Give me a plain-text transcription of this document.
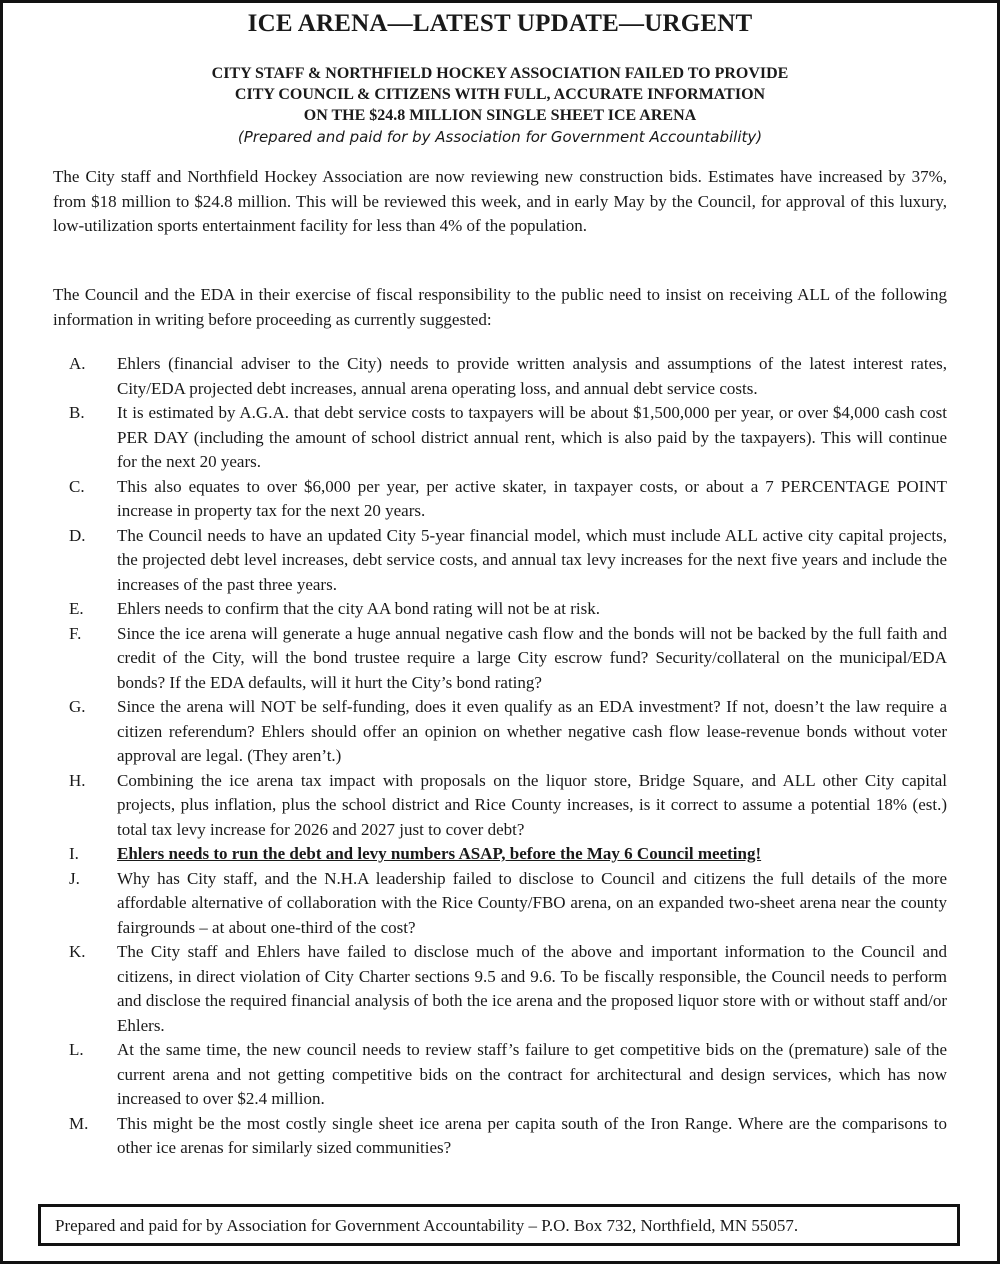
ICE ARENA—LATEST UPDATE—URGENT
CITY STAFF & NORTHFIELD HOCKEY ASSOCIATION FAILED TO PROVIDE
CITY COUNCIL & CITIZENS WITH FULL, ACCURATE INFORMATION
ON THE $24.8 MILLION SINGLE SHEET ICE ARENA
(Prepared and paid for by Association for Government Accountability)

The City staff and Northfield Hockey Association are now reviewing new construction bids. Estimates have increased by 37%, from $18 million to $24.8 million. This will be reviewed this week, and in early May by the Council, for approval of this luxury, low-utilization sports entertainment facility for less than 4% of the population.

The Council and the EDA in their exercise of fiscal responsibility to the public need to insist on receiving ALL of the following information in writing before proceeding as currently suggested:

A. Ehlers (financial adviser to the City) needs to provide written analysis and assumptions of the latest interest rates, City/EDA projected debt increases, annual arena operating loss, and annual debt service costs.
B. It is estimated by A.G.A. that debt service costs to taxpayers will be about $1,500,000 per year, or over $4,000 cash cost PER DAY (including the amount of school district annual rent, which is also paid by the taxpayers). This will continue for the next 20 years.
C. This also equates to over $6,000 per year, per active skater, in taxpayer costs, or about a 7 PERCENTAGE POINT increase in property tax for the next 20 years.
D. The Council needs to have an updated City 5-year financial model, which must include ALL active city capital projects, the projected debt level increases, debt service costs, and annual tax levy increases for the next five years and include the increases of the past three years.
E. Ehlers needs to confirm that the city AA bond rating will not be at risk.
F. Since the ice arena will generate a huge annual negative cash flow and the bonds will not be backed by the full faith and credit of the City, will the bond trustee require a large City escrow fund? Security/collateral on the municipal/EDA bonds? If the EDA defaults, will it hurt the City’s bond rating?
G. Since the arena will NOT be self-funding, does it even qualify as an EDA investment? If not, doesn’t the law require a citizen referendum? Ehlers should offer an opinion on whether negative cash flow lease-revenue bonds without voter approval are legal. (They aren’t.)
H. Combining the ice arena tax impact with proposals on the liquor store, Bridge Square, and ALL other City capital projects, plus inflation, plus the school district and Rice County increases, is it correct to assume a potential 18% (est.) total tax levy increase for 2026 and 2027 just to cover debt?
I. Ehlers needs to run the debt and levy numbers ASAP, before the May 6 Council meeting!
J. Why has City staff, and the N.H.A leadership failed to disclose to Council and citizens the full details of the more affordable alternative of collaboration with the Rice County/FBO arena, on an expanded two-sheet arena near the county fairgrounds – at about one-third of the cost?
K. The City staff and Ehlers have failed to disclose much of the above and important information to the Council and citizens, in direct violation of City Charter sections 9.5 and 9.6. To be fiscally responsible, the Council needs to perform and disclose the required financial analysis of both the ice arena and the proposed liquor store with or without staff and/or Ehlers.
L. At the same time, the new council needs to review staff’s failure to get competitive bids on the (premature) sale of the current arena and not getting competitive bids on the contract for architectural and design services, which has now increased to over $2.4 million.
M. This might be the most costly single sheet ice arena per capita south of the Iron Range. Where are the comparisons to other ice arenas for similarly sized communities?
Prepared and paid for by Association for Government Accountability – P.O. Box 732, Northfield, MN 55057.
